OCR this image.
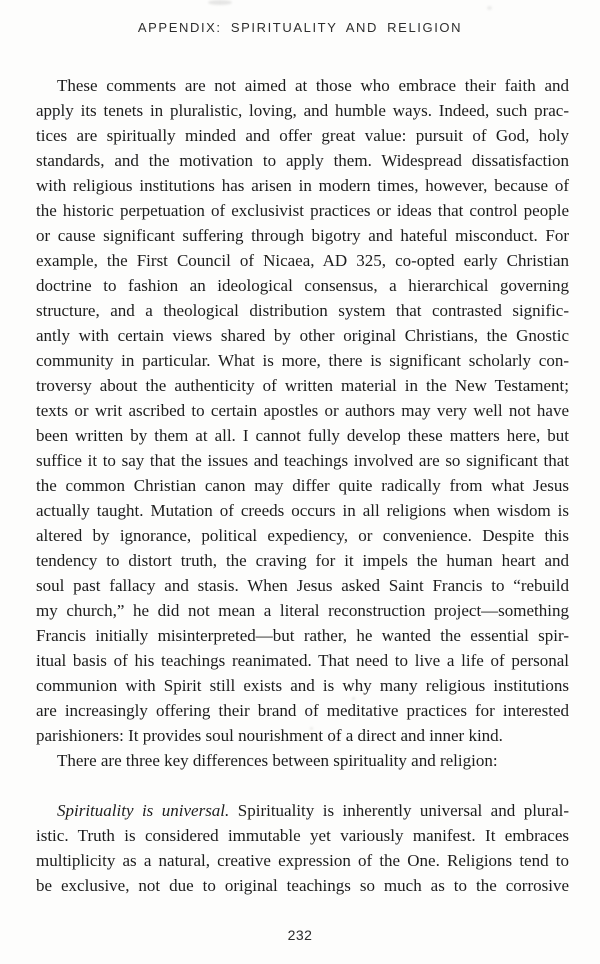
APPENDIX: SPIRITUALITY AND RELIGION
These comments are not aimed at those who embrace their faith and
apply its tenets in pluralistic, loving, and humble ways. Indeed, such prac-
tices are spiritually minded and offer great value: pursuit of God, holy
standards, and the motivation to apply them. Widespread dissatisfaction
with religious institutions has arisen in modern times, however, because of
the historic perpetuation of exclusivist practices or ideas that control people
or cause significant suffering through bigotry and hateful misconduct. For
example, the First Council of Nicaea, AD 325, co-opted early Christian
doctrine to fashion an ideological consensus, a hierarchical governing
structure, and a theological distribution system that contrasted signific-
antly with certain views shared by other original Christians, the Gnostic
community in particular. What is more, there is significant scholarly con-
troversy about the authenticity of written material in the New Testament;
texts or writ ascribed to certain apostles or authors may very well not have
been written by them at all. I cannot fully develop these matters here, but
suffice it to say that the issues and teachings involved are so significant that
the common Christian canon may differ quite radically from what Jesus
actually taught. Mutation of creeds occurs in all religions when wisdom is
altered by ignorance, political expediency, or convenience. Despite this
tendency to distort truth, the craving for it impels the human heart and
soul past fallacy and stasis. When Jesus asked Saint Francis to “rebuild
my church,” he did not mean a literal reconstruction project—something
Francis initially misinterpreted—but rather, he wanted the essential spir-
itual basis of his teachings reanimated. That need to live a life of personal
communion with Spirit still exists and is why many religious institutions
are increasingly offering their brand of meditative practices for interested
parishioners: It provides soul nourishment of a direct and inner kind.
There are three key differences between spirituality and religion:
Spirituality is universal. Spirituality is inherently universal and plural-
istic. Truth is considered immutable yet variously manifest. It embraces
multiplicity as a natural, creative expression of the One. Religions tend to
be exclusive, not due to original teachings so much as to the corrosive
232
